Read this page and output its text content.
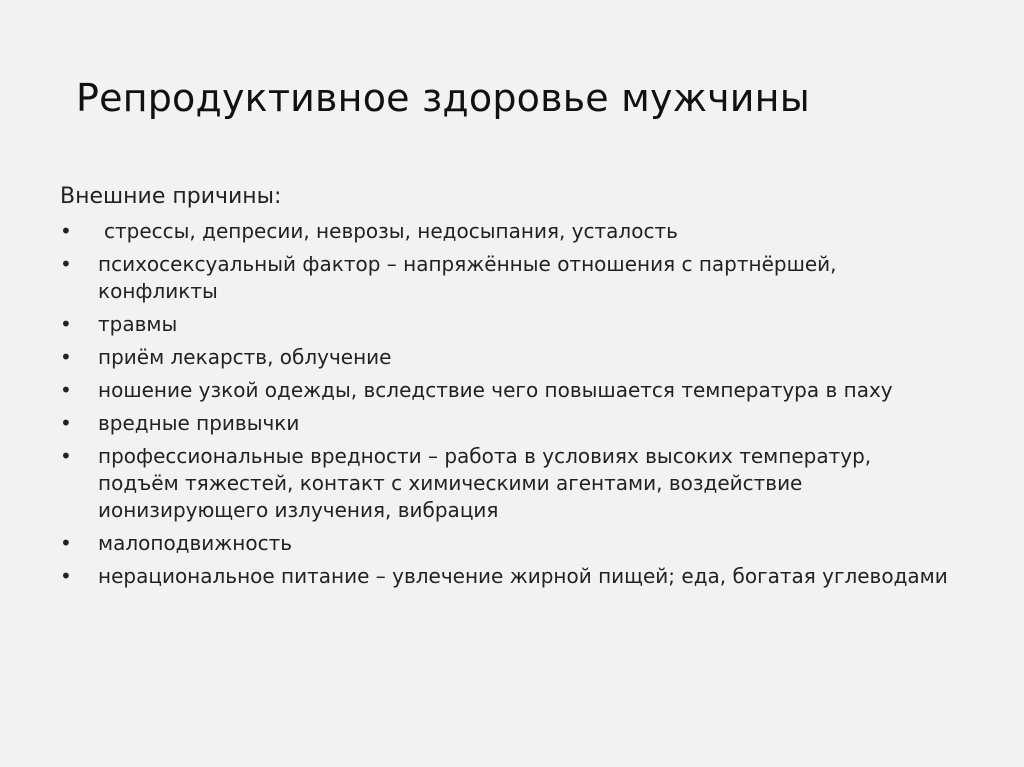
Репродуктивное здоровье мужчины
Внешние причины:
•	стрессы, депресии, неврозы, недосыпания, усталость
•	психосексуальный фактор – напряжённые отношения с партнёршей, конфликты
•	травмы
•	приём лекарств, облучение
•	ношение узкой одежды, вследствие чего повышается температура в паху
•	вредные привычки
•	профессиональные вредности – работа в условиях высоких температур, подъём тяжестей, контакт с химическими агентами, воздействие ионизирующего излучения, вибрация
•	малоподвижность
•	нерациональное питание – увлечение жирной пищей; еда, богатая углеводами
